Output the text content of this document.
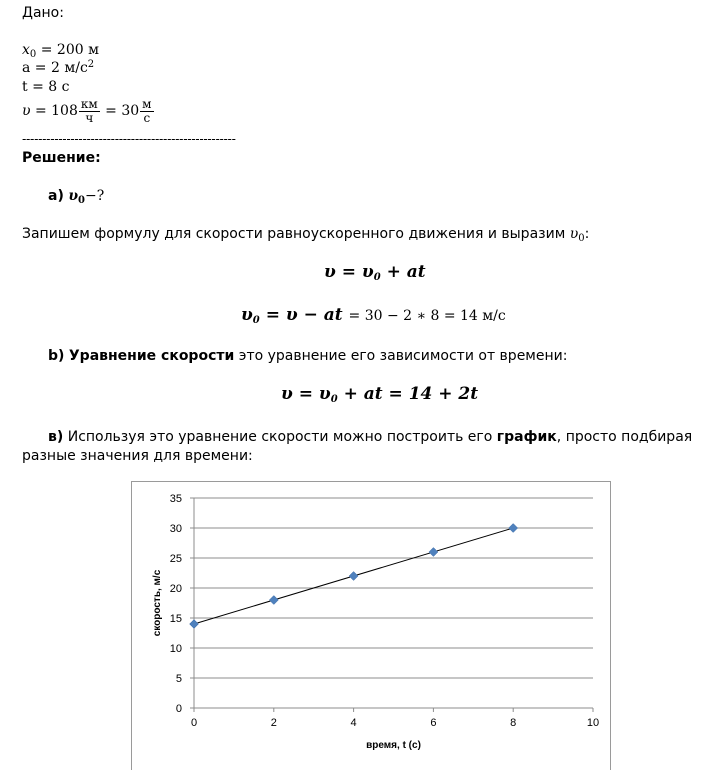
Дано:
$x_0 = 200$ м
a = 2 $м/с^2$
t = 8 с
$\upsilon = 108 \frac{км}{ч} = 30 \frac{м}{с}$
-----------------------------------------------------
Решение:
a) $\upsilon_0-$?
Запишем формулу для скорости равноускоренного движения и выразим $\upsilon_0$:
$\upsilon = \upsilon_0$ + at
$\upsilon_0 = \upsilon$ − at = 30 − 2 ∗ 8 = 14 м/с
b) Уравнение скорости это уравнение его зависимости от времени:
$\upsilon = \upsilon_0$ + at = 14 + 2t
в) Используя это уравнение скорости можно построить его график, просто подбирая
разные значения для времени:
0
5
10
15
20
25
30
35
0	2	4	6	8	10
время, t (с)
скорость, м/с
